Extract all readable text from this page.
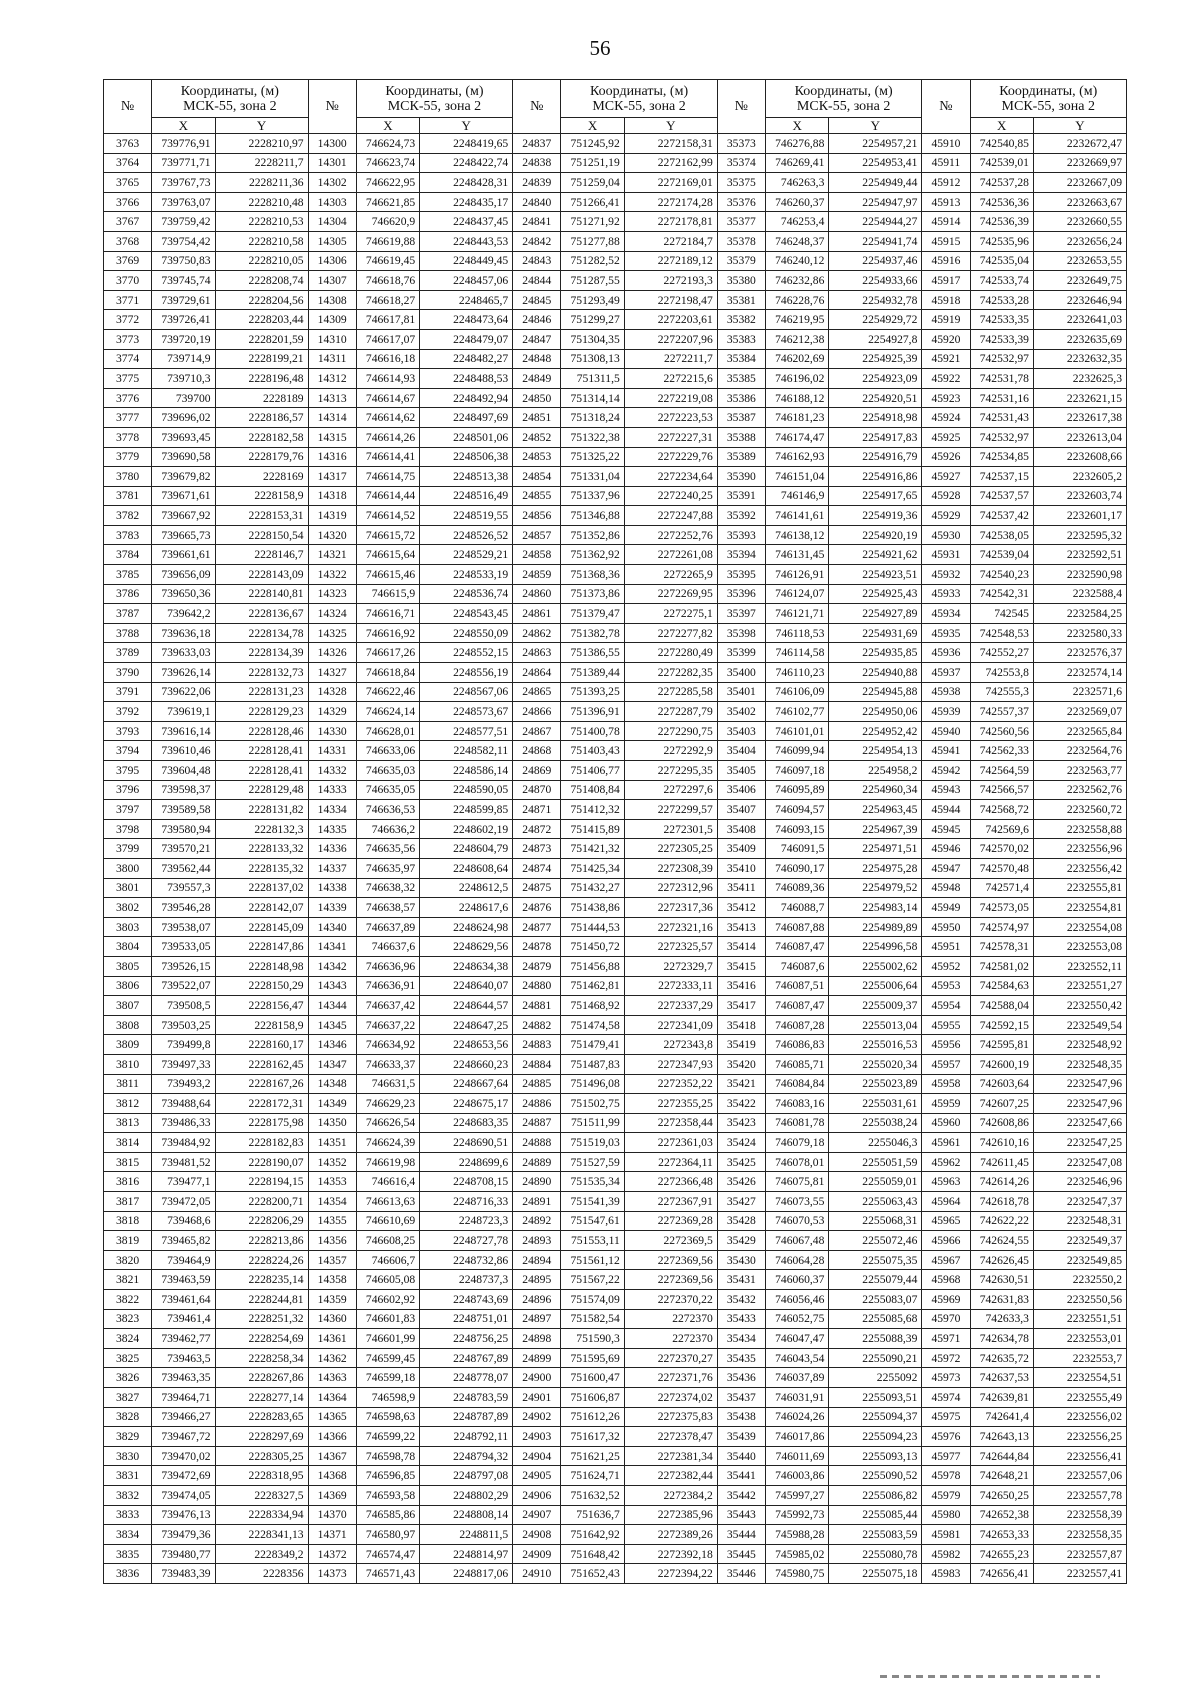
56
№	Координаты, (м)
МСК-55, зона 2		№	Координаты, (м)
МСК-55, зона 2		№	Координаты, (м)
МСК-55, зона 2		№	Координаты, (м)
МСК-55, зона 2		№	Координаты, (м)
МСК-55, зона 2	

	X	Y		X	Y		X	Y		X	Y		X	Y
3763	739776,91	2228210,97	14300	746624,73	2248419,65	24837	751245,92	2272158,31	35373	746276,88	2254957,21	45910	742540,85	2232672,47
3764	739771,71	2228211,7	14301	746623,74	2248422,74	24838	751251,19	2272162,99	35374	746269,41	2254953,41	45911	742539,01	2232669,97
3765	739767,73	2228211,36	14302	746622,95	2248428,31	24839	751259,04	2272169,01	35375	746263,3	2254949,44	45912	742537,28	2232667,09
3766	739763,07	2228210,48	14303	746621,85	2248435,17	24840	751266,41	2272174,28	35376	746260,37	2254947,97	45913	742536,36	2232663,67
3767	739759,42	2228210,53	14304	746620,9	2248437,45	24841	751271,92	2272178,81	35377	746253,4	2254944,27	45914	742536,39	2232660,55
3768	739754,42	2228210,58	14305	746619,88	2248443,53	24842	751277,88	2272184,7	35378	746248,37	2254941,74	45915	742535,96	2232656,24
3769	739750,83	2228210,05	14306	746619,45	2248449,45	24843	751282,52	2272189,12	35379	746240,12	2254937,46	45916	742535,04	2232653,55
3770	739745,74	2228208,74	14307	746618,76	2248457,06	24844	751287,55	2272193,3	35380	746232,86	2254933,66	45917	742533,74	2232649,75
3771	739729,61	2228204,56	14308	746618,27	2248465,7	24845	751293,49	2272198,47	35381	746228,76	2254932,78	45918	742533,28	2232646,94
3772	739726,41	2228203,44	14309	746617,81	2248473,64	24846	751299,27	2272203,61	35382	746219,95	2254929,72	45919	742533,35	2232641,03
3773	739720,19	2228201,59	14310	746617,07	2248479,07	24847	751304,35	2272207,96	35383	746212,38	2254927,8	45920	742533,39	2232635,69
3774	739714,9	2228199,21	14311	746616,18	2248482,27	24848	751308,13	2272211,7	35384	746202,69	2254925,39	45921	742532,97	2232632,35
3775	739710,3	2228196,48	14312	746614,93	2248488,53	24849	751311,5	2272215,6	35385	746196,02	2254923,09	45922	742531,78	2232625,3
3776	739700	2228189	14313	746614,67	2248492,94	24850	751314,14	2272219,08	35386	746188,12	2254920,51	45923	742531,16	2232621,15
3777	739696,02	2228186,57	14314	746614,62	2248497,69	24851	751318,24	2272223,53	35387	746181,23	2254918,98	45924	742531,43	2232617,38
3778	739693,45	2228182,58	14315	746614,26	2248501,06	24852	751322,38	2272227,31	35388	746174,47	2254917,83	45925	742532,97	2232613,04
3779	739690,58	2228179,76	14316	746614,41	2248506,38	24853	751325,22	2272229,76	35389	746162,93	2254916,79	45926	742534,85	2232608,66
3780	739679,82	2228169	14317	746614,75	2248513,38	24854	751331,04	2272234,64	35390	746151,04	2254916,86	45927	742537,15	2232605,2
3781	739671,61	2228158,9	14318	746614,44	2248516,49	24855	751337,96	2272240,25	35391	746146,9	2254917,65	45928	742537,57	2232603,74
3782	739667,92	2228153,31	14319	746614,52	2248519,55	24856	751346,88	2272247,88	35392	746141,61	2254919,36	45929	742537,42	2232601,17
3783	739665,73	2228150,54	14320	746615,72	2248526,52	24857	751352,86	2272252,76	35393	746138,12	2254920,19	45930	742538,05	2232595,32
3784	739661,61	2228146,7	14321	746615,64	2248529,21	24858	751362,92	2272261,08	35394	746131,45	2254921,62	45931	742539,04	2232592,51
3785	739656,09	2228143,09	14322	746615,46	2248533,19	24859	751368,36	2272265,9	35395	746126,91	2254923,51	45932	742540,23	2232590,98
3786	739650,36	2228140,81	14323	746615,9	2248536,74	24860	751373,86	2272269,95	35396	746124,07	2254925,43	45933	742542,31	2232588,4
3787	739642,2	2228136,67	14324	746616,71	2248543,45	24861	751379,47	2272275,1	35397	746121,71	2254927,89	45934	742545	2232584,25
3788	739636,18	2228134,78	14325	746616,92	2248550,09	24862	751382,78	2272277,82	35398	746118,53	2254931,69	45935	742548,53	2232580,33
3789	739633,03	2228134,39	14326	746617,26	2248552,15	24863	751386,55	2272280,49	35399	746114,58	2254935,85	45936	742552,27	2232576,37
3790	739626,14	2228132,73	14327	746618,84	2248556,19	24864	751389,44	2272282,35	35400	746110,23	2254940,88	45937	742553,8	2232574,14
3791	739622,06	2228131,23	14328	746622,46	2248567,06	24865	751393,25	2272285,58	35401	746106,09	2254945,88	45938	742555,3	2232571,6
3792	739619,1	2228129,23	14329	746624,14	2248573,67	24866	751396,91	2272287,79	35402	746102,77	2254950,06	45939	742557,37	2232569,07
3793	739616,14	2228128,46	14330	746628,01	2248577,51	24867	751400,78	2272290,75	35403	746101,01	2254952,42	45940	742560,56	2232565,84
3794	739610,46	2228128,41	14331	746633,06	2248582,11	24868	751403,43	2272292,9	35404	746099,94	2254954,13	45941	742562,33	2232564,76
3795	739604,48	2228128,41	14332	746635,03	2248586,14	24869	751406,77	2272295,35	35405	746097,18	2254958,2	45942	742564,59	2232563,77
3796	739598,37	2228129,48	14333	746635,05	2248590,05	24870	751408,84	2272297,6	35406	746095,89	2254960,34	45943	742566,57	2232562,76
3797	739589,58	2228131,82	14334	746636,53	2248599,85	24871	751412,32	2272299,57	35407	746094,57	2254963,45	45944	742568,72	2232560,72
3798	739580,94	2228132,3	14335	746636,2	2248602,19	24872	751415,89	2272301,5	35408	746093,15	2254967,39	45945	742569,6	2232558,88
3799	739570,21	2228133,32	14336	746635,56	2248604,79	24873	751421,32	2272305,25	35409	746091,5	2254971,51	45946	742570,02	2232556,96
3800	739562,44	2228135,32	14337	746635,97	2248608,64	24874	751425,34	2272308,39	35410	746090,17	2254975,28	45947	742570,48	2232556,42
3801	739557,3	2228137,02	14338	746638,32	2248612,5	24875	751432,27	2272312,96	35411	746089,36	2254979,52	45948	742571,4	2232555,81
3802	739546,28	2228142,07	14339	746638,57	2248617,6	24876	751438,86	2272317,36	35412	746088,7	2254983,14	45949	742573,05	2232554,81
3803	739538,07	2228145,09	14340	746637,89	2248624,98	24877	751444,53	2272321,16	35413	746087,88	2254989,89	45950	742574,97	2232554,08
3804	739533,05	2228147,86	14341	746637,6	2248629,56	24878	751450,72	2272325,57	35414	746087,47	2254996,58	45951	742578,31	2232553,08
3805	739526,15	2228148,98	14342	746636,96	2248634,38	24879	751456,88	2272329,7	35415	746087,6	2255002,62	45952	742581,02	2232552,11
3806	739522,07	2228150,29	14343	746636,91	2248640,07	24880	751462,81	2272333,11	35416	746087,51	2255006,64	45953	742584,63	2232551,27
3807	739508,5	2228156,47	14344	746637,42	2248644,57	24881	751468,92	2272337,29	35417	746087,47	2255009,37	45954	742588,04	2232550,42
3808	739503,25	2228158,9	14345	746637,22	2248647,25	24882	751474,58	2272341,09	35418	746087,28	2255013,04	45955	742592,15	2232549,54
3809	739499,8	2228160,17	14346	746634,92	2248653,56	24883	751479,41	2272343,8	35419	746086,83	2255016,53	45956	742595,81	2232548,92
3810	739497,33	2228162,45	14347	746633,37	2248660,23	24884	751487,83	2272347,93	35420	746085,71	2255020,34	45957	742600,19	2232548,35
3811	739493,2	2228167,26	14348	746631,5	2248667,64	24885	751496,08	2272352,22	35421	746084,84	2255023,89	45958	742603,64	2232547,96
3812	739488,64	2228172,31	14349	746629,23	2248675,17	24886	751502,75	2272355,25	35422	746083,16	2255031,61	45959	742607,25	2232547,96
3813	739486,33	2228175,98	14350	746626,54	2248683,35	24887	751511,99	2272358,44	35423	746081,78	2255038,24	45960	742608,86	2232547,66
3814	739484,92	2228182,83	14351	746624,39	2248690,51	24888	751519,03	2272361,03	35424	746079,18	2255046,3	45961	742610,16	2232547,25
3815	739481,52	2228190,07	14352	746619,98	2248699,6	24889	751527,59	2272364,11	35425	746078,01	2255051,59	45962	742611,45	2232547,08
3816	739477,1	2228194,15	14353	746616,4	2248708,15	24890	751535,34	2272366,48	35426	746075,81	2255059,01	45963	742614,26	2232546,96
3817	739472,05	2228200,71	14354	746613,63	2248716,33	24891	751541,39	2272367,91	35427	746073,55	2255063,43	45964	742618,78	2232547,37
3818	739468,6	2228206,29	14355	746610,69	2248723,3	24892	751547,61	2272369,28	35428	746070,53	2255068,31	45965	742622,22	2232548,31
3819	739465,82	2228213,86	14356	746608,25	2248727,78	24893	751553,11	2272369,5	35429	746067,48	2255072,46	45966	742624,55	2232549,37
3820	739464,9	2228224,26	14357	746606,7	2248732,86	24894	751561,12	2272369,56	35430	746064,28	2255075,35	45967	742626,45	2232549,85
3821	739463,59	2228235,14	14358	746605,08	2248737,3	24895	751567,22	2272369,56	35431	746060,37	2255079,44	45968	742630,51	2232550,2
3822	739461,64	2228244,81	14359	746602,92	2248743,69	24896	751574,09	2272370,22	35432	746056,46	2255083,07	45969	742631,83	2232550,56
3823	739461,4	2228251,32	14360	746601,83	2248751,01	24897	751582,54	2272370	35433	746052,75	2255085,68	45970	742633,3	2232551,51
3824	739462,77	2228254,69	14361	746601,99	2248756,25	24898	751590,3	2272370	35434	746047,47	2255088,39	45971	742634,78	2232553,01
3825	739463,5	2228258,34	14362	746599,45	2248767,89	24899	751595,69	2272370,27	35435	746043,54	2255090,21	45972	742635,72	2232553,7
3826	739463,35	2228267,86	14363	746599,18	2248778,07	24900	751600,47	2272371,76	35436	746037,89	2255092	45973	742637,53	2232554,51
3827	739464,71	2228277,14	14364	746598,9	2248783,59	24901	751606,87	2272374,02	35437	746031,91	2255093,51	45974	742639,81	2232555,49
3828	739466,27	2228283,65	14365	746598,63	2248787,89	24902	751612,26	2272375,83	35438	746024,26	2255094,37	45975	742641,4	2232556,02
3829	739467,72	2228297,69	14366	746599,22	2248792,11	24903	751617,32	2272378,47	35439	746017,86	2255094,23	45976	742643,13	2232556,25
3830	739470,02	2228305,25	14367	746598,78	2248794,32	24904	751621,25	2272381,34	35440	746011,69	2255093,13	45977	742644,84	2232556,41
3831	739472,69	2228318,95	14368	746596,85	2248797,08	24905	751624,71	2272382,44	35441	746003,86	2255090,52	45978	742648,21	2232557,06
3832	739474,05	2228327,5	14369	746593,58	2248802,29	24906	751632,52	2272384,2	35442	745997,27	2255086,82	45979	742650,25	2232557,78
3833	739476,13	2228334,94	14370	746585,86	2248808,14	24907	751636,7	2272385,96	35443	745992,73	2255085,44	45980	742652,38	2232558,39
3834	739479,36	2228341,13	14371	746580,97	2248811,5	24908	751642,92	2272389,26	35444	745988,28	2255083,59	45981	742653,33	2232558,35
3835	739480,77	2228349,2	14372	746574,47	2248814,97	24909	751648,42	2272392,18	35445	745985,02	2255080,78	45982	742655,23	2232557,87
3836	739483,39	2228356	14373	746571,43	2248817,06	24910	751652,43	2272394,22	35446	745980,75	2255075,18	45983	742656,41	2232557,41
